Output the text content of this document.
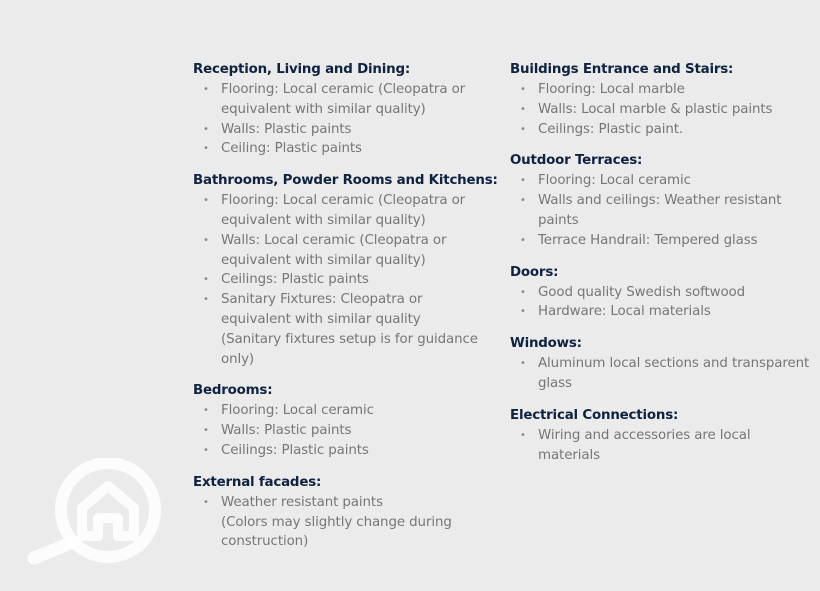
Reception, Living and Dining:
• Flooring: Local ceramic (Cleopatra or
equivalent with similar quality)
• Walls: Plastic paints
• Ceiling: Plastic paints
Bathrooms, Powder Rooms and Kitchens:
• Flooring: Local ceramic (Cleopatra or
equivalent with similar quality)
• Walls: Local ceramic (Cleopatra or
equivalent with similar quality)
• Ceilings: Plastic paints
• Sanitary Fixtures: Cleopatra or
equivalent with similar quality
(Sanitary fixtures setup is for guidance
only)
Bedrooms:
• Flooring: Local ceramic
• Walls: Plastic paints
• Ceilings: Plastic paints
External facades:
• Weather resistant paints
(Colors may slightly change during
construction)
Buildings Entrance and Stairs:
• Flooring: Local marble
• Walls: Local marble & plastic paints
• Ceilings: Plastic paint.
Outdoor Terraces:
• Flooring: Local ceramic
• Walls and ceilings: Weather resistant
paints
• Terrace Handrail: Tempered glass
Doors:
• Good quality Swedish softwood
• Hardware: Local materials
Windows:
• Aluminum local sections and transparent
glass
Electrical Connections:
• Wiring and accessories are local
materials
